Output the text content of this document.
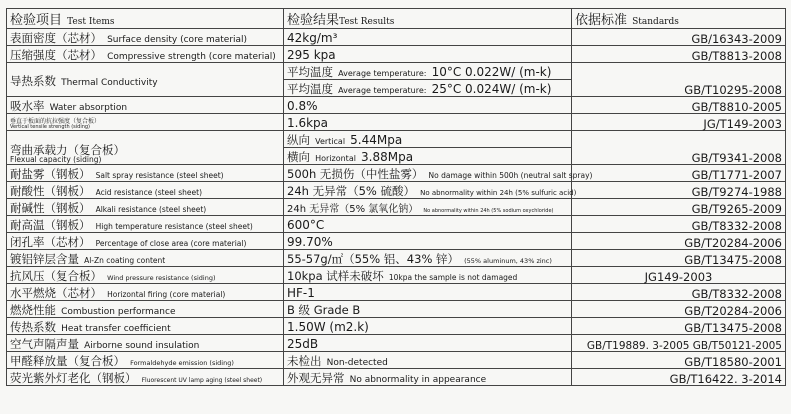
检验项目 Test Items	检验结果Test Results	依据标准 Standards
表面密度（芯材） Surface density (core material)	42kg/m³	GB/16343-2009
压缩强度（芯材） Compressive strength (core material)	295 kpa	GB/T8813-2008
导热系数 Thermal Conductivity	平均温度 Average temperature: 10°C 0.022W/ (m-k)	GB/T10295-2008
	平均温度 Average temperature: 25°C 0.024W/ (m-k)	
吸水率 Water absorption	0.8%	GB/T8810-2005

垂直于板面的抗拉强度（复合板）
Vertical tensile strength (siding)	1.6kpa	JG/T149-2003

弯曲承载力（复合板）
Flexual capacity (siding)	纵向 Vertical 5.44Mpa	GB/T9341-2008
	横向 Horizontal 3.88Mpa	
耐盐雾（钢板） Salt spray resistance (steel sheet)	500h 无损伤（中性盐雾） No damage within 500h (neutral salt spray)	GB/T1771-2007
耐酸性（钢板） Acid resistance (steel sheet)	24h 无异常（5% 硫酸） No abnormality within 24h (5% sulfuric acid)	GB/T9274-1988
耐碱性（钢板） Alkali resistance (steel sheet)	24h 无异常（5% 氯氧化钠） No abnormality within 24h (5% sodium oxychloride)	GB/T9265-2009
耐高温（钢板） High temperature resistance (steel sheet)	600°C	GB/T8332-2008
闭孔率（芯材） Percentage of close area (core material)	99.70%	GB/T20284-2006
镀铝锌层含量 Al-Zn coating content	55-57g/㎡（55% 铝、43% 锌） (55% aluminum, 43% zinc)	GB/T13475-2008
抗风压（复合板） Wind pressure resistance (siding)	10kpa 试样未破坏 10kpa the sample is not damaged	JG149-2003
水平燃烧（芯材） Horizontal firing (core material)	HF-1	GB/T8332-2008
燃烧性能 Combustion performance	B 级 Grade B	GB/T20284-2006
传热系数 Heat transfer coefficient	1.50W (m2.k)	GB/T13475-2008
空气声隔声量 Airborne sound insulation	25dB	GB/T19889. 3-2005 GB/T50121-2005
甲醛释放量（复合板） Formaldehyde emission (siding)	未检出 Non-detected	GB/T18580-2001
荧光紫外灯老化（钢板） Fluorescent UV lamp aging (steel sheet)	外观无异常 No abnormality in appearance	GB/T16422. 3-2014
